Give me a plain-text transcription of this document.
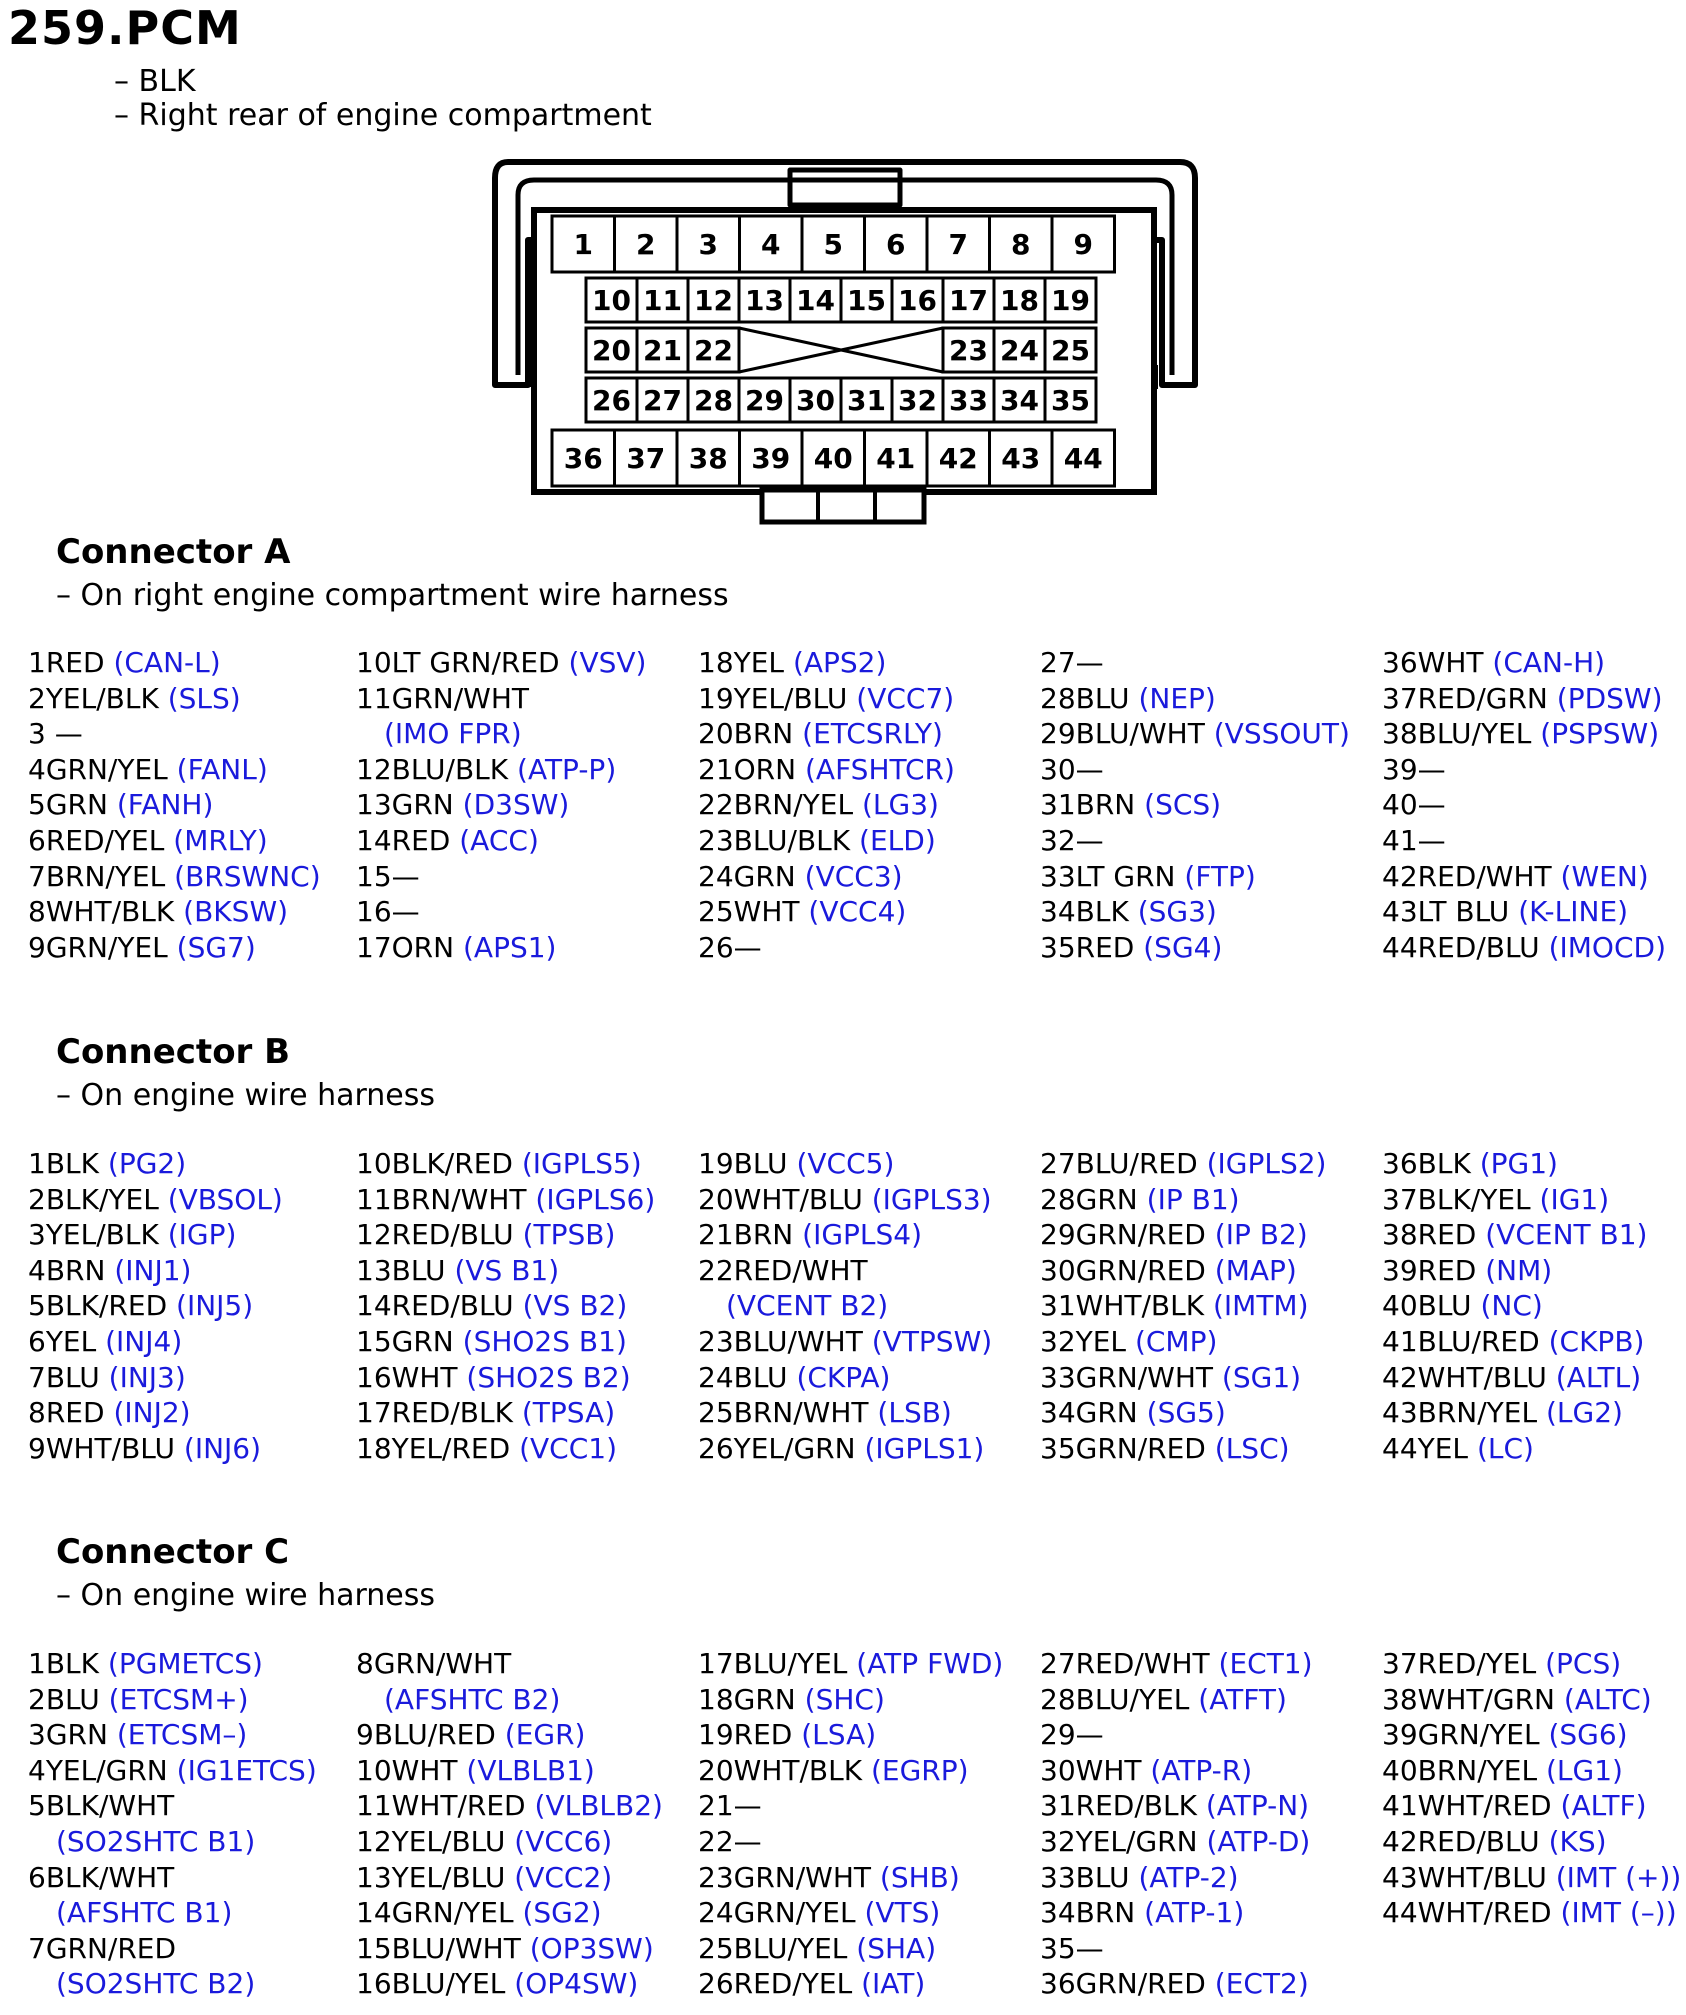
259.PCM
– BLK
– Right rear of engine compartment
1 2 3 4 5 6 7 8 9
10 11 12 13 14 15 16 17 18 19
20 21 22	23 24 25
26 27 28 29 30 31 32 33 34 35
36 37 38 39 40 41 42 43 44
Connector A
– On right engine compartment wire harness
1RED (CAN-L)
2YEL/BLK (SLS)
3 —
4GRN/YEL (FANL)
5GRN (FANH)
6RED/YEL (MRLY)
7BRN/YEL (BRSWNC)
8WHT/BLK (BKSW)
9GRN/YEL (SG7)
10LT GRN/RED (VSV)
11GRN/WHT
(IMO FPR)
12BLU/BLK (ATP-P)
13GRN (D3SW)
14RED (ACC)
15—
16—
17ORN (APS1)
18YEL (APS2)
19YEL/BLU (VCC7)
20BRN (ETCSRLY)
21ORN (AFSHTCR)
22BRN/YEL (LG3)
23BLU/BLK (ELD)
24GRN (VCC3)
25WHT (VCC4)
26—
27—
28BLU (NEP)
29BLU/WHT (VSSOUT)
30—
31BRN (SCS)
32—
33LT GRN (FTP)
34BLK (SG3)
35RED (SG4)
36WHT (CAN-H)
37RED/GRN (PDSW)
38BLU/YEL (PSPSW)
39—
40—
41—
42RED/WHT (WEN)
43LT BLU (K-LINE)
44RED/BLU (IMOCD)
Connector B
– On engine wire harness
1BLK (PG2)
2BLK/YEL (VBSOL)
3YEL/BLK (IGP)
4BRN (INJ1)
5BLK/RED (INJ5)
6YEL (INJ4)
7BLU (INJ3)
8RED (INJ2)
9WHT/BLU (INJ6)
10BLK/RED (IGPLS5)
11BRN/WHT (IGPLS6)
12RED/BLU (TPSB)
13BLU (VS B1)
14RED/BLU (VS B2)
15GRN (SHO2S B1)
16WHT (SHO2S B2)
17RED/BLK (TPSA)
18YEL/RED (VCC1)
19BLU (VCC5)
20WHT/BLU (IGPLS3)
21BRN (IGPLS4)
22RED/WHT
(VCENT B2)
23BLU/WHT (VTPSW)
24BLU (CKPA)
25BRN/WHT (LSB)
26YEL/GRN (IGPLS1)
27BLU/RED (IGPLS2)
28GRN (IP B1)
29GRN/RED (IP B2)
30GRN/RED (MAP)
31WHT/BLK (IMTM)
32YEL (CMP)
33GRN/WHT (SG1)
34GRN (SG5)
35GRN/RED (LSC)
36BLK (PG1)
37BLK/YEL (IG1)
38RED (VCENT B1)
39RED (NM)
40BLU (NC)
41BLU/RED (CKPB)
42WHT/BLU (ALTL)
43BRN/YEL (LG2)
44YEL (LC)
Connector C
– On engine wire harness
1BLK (PGMETCS)
2BLU (ETCSM+)
3GRN (ETCSM–)
4YEL/GRN (IG1ETCS)
5BLK/WHT
(SO2SHTC B1)
6BLK/WHT
(AFSHTC B1)
7GRN/RED
(SO2SHTC B2)
8GRN/WHT
(AFSHTC B2)
9BLU/RED (EGR)
10WHT (VLBLB1)
11WHT/RED (VLBLB2)
12YEL/BLU (VCC6)
13YEL/BLU (VCC2)
14GRN/YEL (SG2)
15BLU/WHT (OP3SW)
16BLU/YEL (OP4SW)
17BLU/YEL (ATP FWD)
18GRN (SHC)
19RED (LSA)
20WHT/BLK (EGRP)
21—
22—
23GRN/WHT (SHB)
24GRN/YEL (VTS)
25BLU/YEL (SHA)
26RED/YEL (IAT)
27RED/WHT (ECT1)
28BLU/YEL (ATFT)
29—
30WHT (ATP-R)
31RED/BLK (ATP-N)
32YEL/GRN (ATP-D)
33BLU (ATP-2)
34BRN (ATP-1)
35—
36GRN/RED (ECT2)
37RED/YEL (PCS)
38WHT/GRN (ALTC)
39GRN/YEL (SG6)
40BRN/YEL (LG1)
41WHT/RED (ALTF)
42RED/BLU (KS)
43WHT/BLU (IMT (+))
44WHT/RED (IMT (–))
